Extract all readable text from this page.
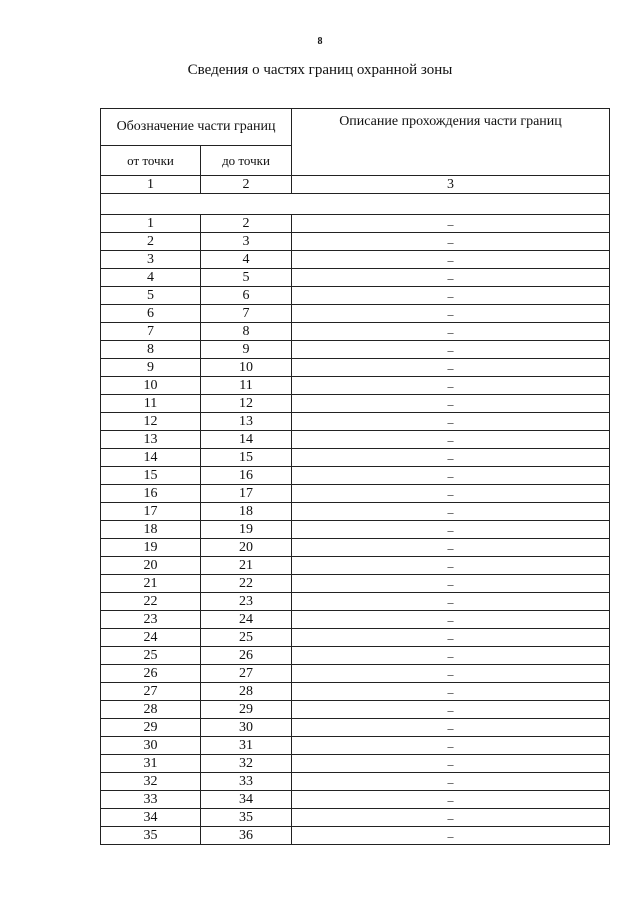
8
Сведения о частях границ охранной зоны
Обозначение части границ		Описание прохождения части границ
от точки	до точки	
1	2	3

1	2	–
2	3	–
3	4	–
4	5	–
5	6	–
6	7	–
7	8	–
8	9	–
9	10	–
10	11	–
11	12	–
12	13	–
13	14	–
14	15	–
15	16	–
16	17	–
17	18	–
18	19	–
19	20	–
20	21	–
21	22	–
22	23	–
23	24	–
24	25	–
25	26	–
26	27	–
27	28	–
28	29	–
29	30	–
30	31	–
31	32	–
32	33	–
33	34	–
34	35	–
35	36	–
